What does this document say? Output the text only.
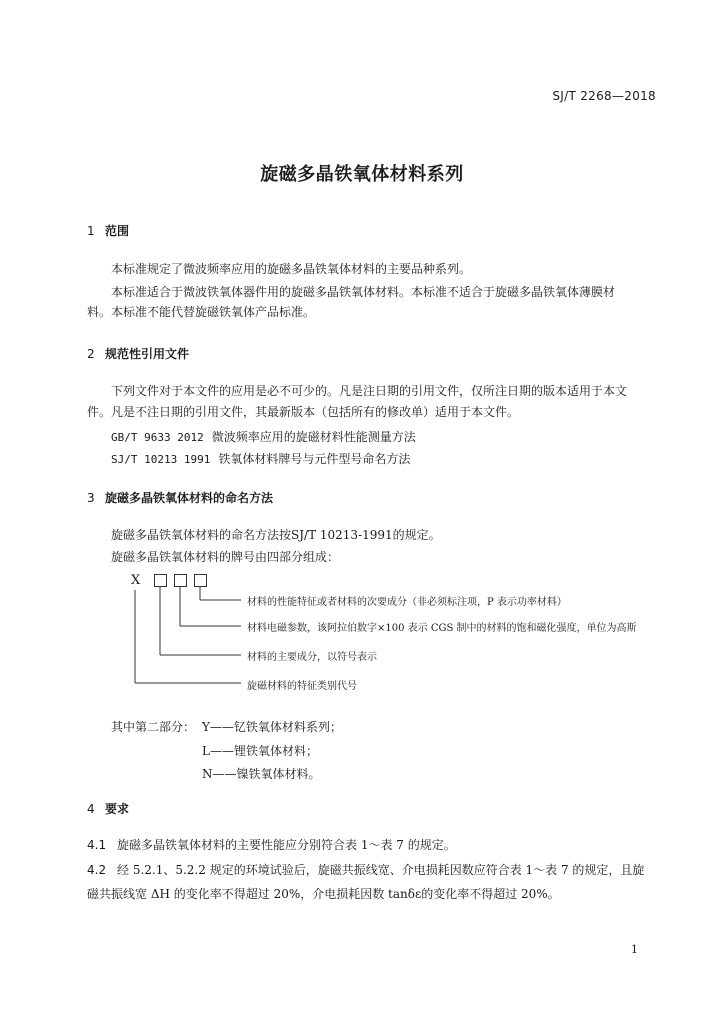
SJ/T 2268—2018
旋磁多晶铁氧体材料系列
1 范围
本标准规定了微波频率应用的旋磁多晶铁氧体材料的主要品种系列。
本标准适合于微波铁氧体器件用的旋磁多晶铁氧体材料。本标准不适合于旋磁多晶铁氧体薄膜材
料。本标准不能代替旋磁铁氧体产品标准。
2 规范性引用文件
下列文件对于本文件的应用是必不可少的。凡是注日期的引用文件，仅所注日期的版本适用于本文
件。凡是不注日期的引用文件，其最新版本（包括所有的修改单）适用于本文件。
GB/T 9633 2012 微波频率应用的旋磁材料性能测量方法
SJ/T 10213 1991 铁氧体材料牌号与元件型号命名方法
3 旋磁多晶铁氧体材料的命名方法
旋磁多晶铁氧体材料的命名方法按SJ/T 10213-1991的规定。
旋磁多晶铁氧体材料的牌号由四部分组成：
X
材料的性能特征或者材料的次要成分（非必须标注项，P 表示功率材料）
材料电磁参数，该阿拉伯数字×100 表示 CGS 制中的材料的饱和磁化强度，单位为高斯
材料的主要成分，以符号表示
旋磁材料的特征类别代号
其中第二部分： Y——钇铁氧体材料系列；
L——锂铁氧体材料；
N——镍铁氧体材料。
4 要求
4.1 旋磁多晶铁氧体材料的主要性能应分别符合表 1～表 7 的规定。
4.2 经 5.2.1、5.2.2 规定的环境试验后，旋磁共振线宽、介电损耗因数应符合表 1～表 7 的规定，且旋
磁共振线宽 ΔH 的变化率不得超过 20%，介电损耗因数 tanδε的变化率不得超过 20%。
1
